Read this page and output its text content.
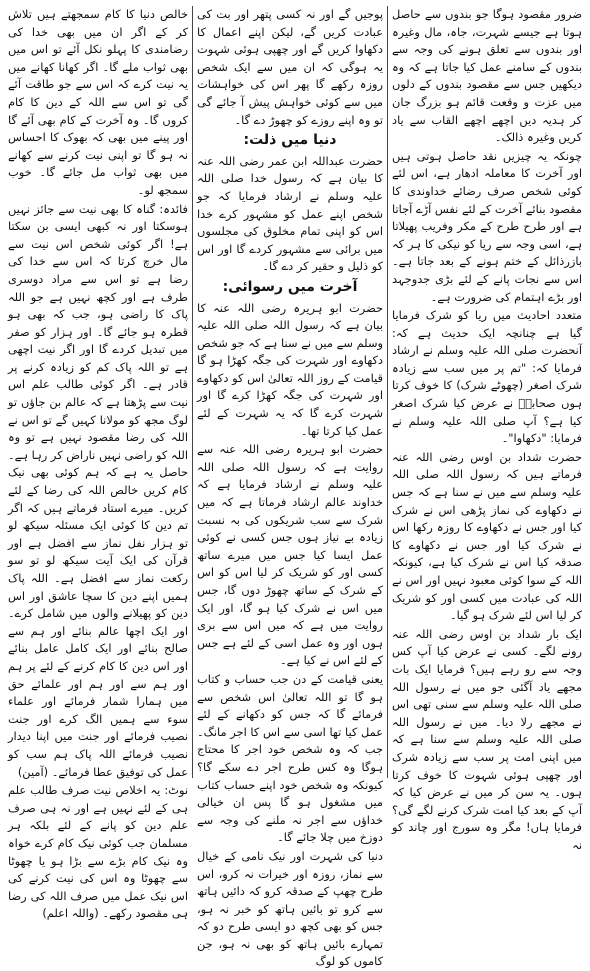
ضرور مقصود ہوگا جو بندوں سے حاصل ہوتا ہے جیسے شہرت، جاہ، مال وغیرہ اور بندوں سے تعلق ہونے کی وجہ سے بندوں کے سامنے عمل کیا جاتا ہے کہ وہ دیکھیں جس سے مقصود بندوں کے دلوں میں عزت و وقعت قائم ہو بزرگ جان کر ہدیہ دیں اچھے اچھے القاب سے یاد کریں وغیرہ ذالک۔

چونکہ یہ چیزیں نقد حاصل ہوتی ہیں اور آخرت کا معاملہ ادھار ہے، اس لئے کوئی شخص صرف رضائے خداوندی کا مقصود بنائے آخرت کے لئے نفس آڑے آجاتا ہے اور طرح طرح کے مکر وفریب پھیلاتا ہے، اسی وجہ سے ریا کو نیکی کا ہر کہ بازرذائل کے ختم ہونے کے بعد جاتا ہے۔ اس سے نجات پانے کے لئے بڑی جدوجہد اور بڑے اہتمام کی ضرورت ہے۔

متعدد احادیث میں ریا کو شرک فرمایا گیا ہے چنانچہ ایک حدیث ہے کہ: آنحضرت صلی اللہ علیہ وسلم نے ارشاد فرمایا کہ: "تم پر میں سب سے زیادہ شرک اصغر (چھوٹے شرک) کا خوف کرتا ہوں صحابہؓ نے عرض کیا شرک اصغر کیا ہے؟ آپ صلی اللہ علیہ وسلم نے فرمایا: "دکھاوا"۔

حضرت شداد بن اوس رضی اللہ عنہ فرماتے ہیں کہ رسول اللہ صلی اللہ علیہ وسلم سے میں نے سنا ہے کہ جس نے دکھاوے کی نماز پڑھی اس نے شرک کیا اور جس نے دکھاوے کا روزہ رکھا اس نے شرک کیا اور جس نے دکھاوے کا صدقہ کیا اس نے شرک کیا ہے، کیونکہ اللہ کے سوا کوئی معبود نہیں اور اس نے اللہ کی عبادت میں کسی اور کو شریک کر لیا اس لئے شرک ہو گیا۔

ایک بار شداد بن اوس رضی اللہ عنہ رونے لگے۔ کسی نے عرض کیا آپ کس وجہ سے رو رہے ہیں؟ فرمایا ایک بات مجھے یاد آگئی جو میں نے رسول اللہ صلی اللہ علیہ وسلم سے سنی تھی اس نے مجھے رلا دیا۔ میں نے رسول اللہ صلی اللہ علیہ وسلم سے سنا ہے کہ میں اپنی امت پر سب سے زیادہ شرک اور چھپی ہوئی شہوت کا خوف کرتا ہوں۔ یہ سن کر میں نے عرض کیا کہ آپ کے بعد کیا امت شرک کرنے لگے گی؟ فرمایا ہاں! مگر وہ سورج اور چاند کو نہ

پوجیں گے اور نہ کسی پتھر اور بت کی عبادت کریں گے، لیکن اپنے اعمال کا دکھاوا کریں گے اور چھپی ہوئی شہوت یہ ہوگی کہ ان میں سے ایک شخص روزہ رکھے گا پھر اس کی خواہشات میں سے کوئی خواہش پیش آ جائے گی تو وہ اپنے روزے کو چھوڑ دے گا۔

دنیا میں ذلت:

حضرت عبداللہ ابن عمر رضی اللہ عنہ کا بیان ہے کہ رسول خدا صلی اللہ علیہ وسلم نے ارشاد فرمایا کہ جو شخص اپنے عمل کو مشہور کرے خدا اس کو اپنی تمام مخلوق کی مجلسوں میں برائی سے مشہور کردے گا اور اس کو ذلیل و حقیر کر دے گا۔

آخرت میں رسوائی:

حضرت ابو ہریرہ رضی اللہ عنہ کا بیان ہے کہ رسول اللہ صلی اللہ علیہ وسلم سے میں نے سنا ہے کہ جو شخص دکھاوے اور شہرت کی جگہ کھڑا ہو گا قیامت کے روز اللہ تعالیٰ اس کو دکھاوے اور شہرت کی جگہ کھڑا کرے گا اور شہرت کرے گا کہ یہ شہرت کے لئے عمل کیا کرتا تھا۔

حضرت ابو ہریرہ رضی اللہ عنہ سے روایت ہے کہ رسول اللہ صلی اللہ علیہ وسلم نے ارشاد فرمایا ہے کہ خداوند عالم ارشاد فرماتا ہے کہ میں شرک سے سب شریکوں کی بہ نسبت زیادہ بے نیاز ہوں جس کسی نے کوئی عمل ایسا کیا جس میں میرے ساتھ کسی اور کو شریک کر لیا اس کو اس کے شرک کے ساتھ چھوڑ دوں گا، جس میں اس نے شرک کیا ہو گا، اور ایک روایت میں ہے کہ میں اس سے بری ہوں اور وہ عمل اسی کے لئے ہے جس کے لئے اس نے کیا ہے۔

یعنی قیامت کے دن جب حساب و کتاب ہو گا تو اللہ تعالیٰ اس شخص سے فرمائے گا کہ جس کو دکھانے کے لئے عمل کیا تھا اسی سے اس کا اجر مانگ۔ جب کہ وہ شخص خود اجر کا محتاج ہوگا وہ کس طرح اجر دے سکے گا؟ کیونکہ وہ شخص خود اپنے حساب کتاب میں مشغول ہو گا پس ان خیالی خداؤں سے اجر نہ ملنے کی وجہ سے دوزخ میں چلا جائے گا۔

دنیا کی شہرت اور نیک نامی کے خیال سے نماز، روزہ اور خیرات نہ کرو، اس طرح چھپ کے صدقہ کرو کہ دائیں ہاتھ سے کرو تو بائیں ہاتھ کو خبر نہ ہو، جس کو بھی کچھ دو ایسی طرح دو کہ تمہارے بائیں ہاتھ کو بھی نہ ہو، جن کاموں کو لوگ

خالص دنیا کا کام سمجھتے ہیں تلاش کر کے اگر ان میں بھی خدا کی رضامندی کا پہلو نکل آئے تو اس میں بھی ثواب ملے گا۔ اگر کھانا کھانے میں یہ نیت کرے کہ اس سے جو طاقت آئے گی تو اس سے اللہ کے دین کا کام کروں گا۔ وہ آخرت کے کام بھی آئے گا اور پینے میں بھی کہ بھوک کا احساس نہ ہو گا تو اپنی نیت کرنے سے کھانے میں بھی ثواب مل جائے گا۔ خوب سمجھ لو۔

فائدہ: گناہ کا بھی نیت سے جائز نہیں ہوسکتا اور نہ کبھی ایسی بن سکتا ہے! اگر کوئی شخص اس نیت سے مال خرچ کرتا کہ اس سے خدا کی رضا ہے تو اس سے مراد دوسری طرف ہے اور کچھ نہیں ہے جو اللہ پاک کا راضی ہو، جب کہ بھی ہو قطرہ ہو جائے گا۔ اور ہزار کو صفر میں تبدیل کردے گا اور اگر نیت اچھی ہے تو اللہ پاک کم کو زیادہ کرنے پر قادر ہے۔ اگر کوئی طالب علم اس نیت سے پڑھتا ہے کہ عالم بن جاؤں تو لوگ مجھ کو مولانا کہیں گے تو اس نے اللہ کی رضا مقصود نہیں ہے تو وہ اللہ کو راضی نہیں ناراض کر رہا ہے۔ حاصل یہ ہے کہ ہم کوئی بھی نیک کام کریں خالص اللہ کی رضا کے لئے کریں۔ میرے استاد فرماتے ہیں کہ اگر تم دین کا کوئی ایک مسئلہ سیکھ لو تو ہزار نفل نماز سے افضل ہے اور قرآن کی ایک آیت سیکھ لو تو سو رکعت نماز سے افضل ہے۔ اللہ پاک ہمیں اپنے دین کا سچا عاشق اور اس دین کو پھیلانے والوں میں شامل کرے۔ اور ایک اچھا عالم بنائے اور ہم سے صالح بنائے اور ایک کامل عامل بنائے اور اس دین کا کام کرنے کے لئے پر ہم اور ہم سے اور ہم اور علمائے حق میں ہمارا شمار فرمائے اور علماء سوء سے ہمیں الگ کرے اور جنت نصیب فرمائے اور جنت میں اپنا دیدار نصیب فرمائے اللہ پاک ہم سب کو عمل کی توفیق عطا فرمائے۔ (آمین)

نوٹ: یہ اخلاص نیت صرف طالب علم ہی کے لئے نہیں ہے اور نہ ہی صرف علم دین کو پانے کے لئے بلکہ ہر مسلمان جب کوئی نیک کام کرے خواہ وہ نیک کام بڑے سے بڑا ہو یا چھوٹا سے چھوٹا وہ اس کی نیت کرنے کی اس نیک عمل میں صرف اللہ کی رضا ہی مقصود رکھے۔ (واللہ اعلم)
